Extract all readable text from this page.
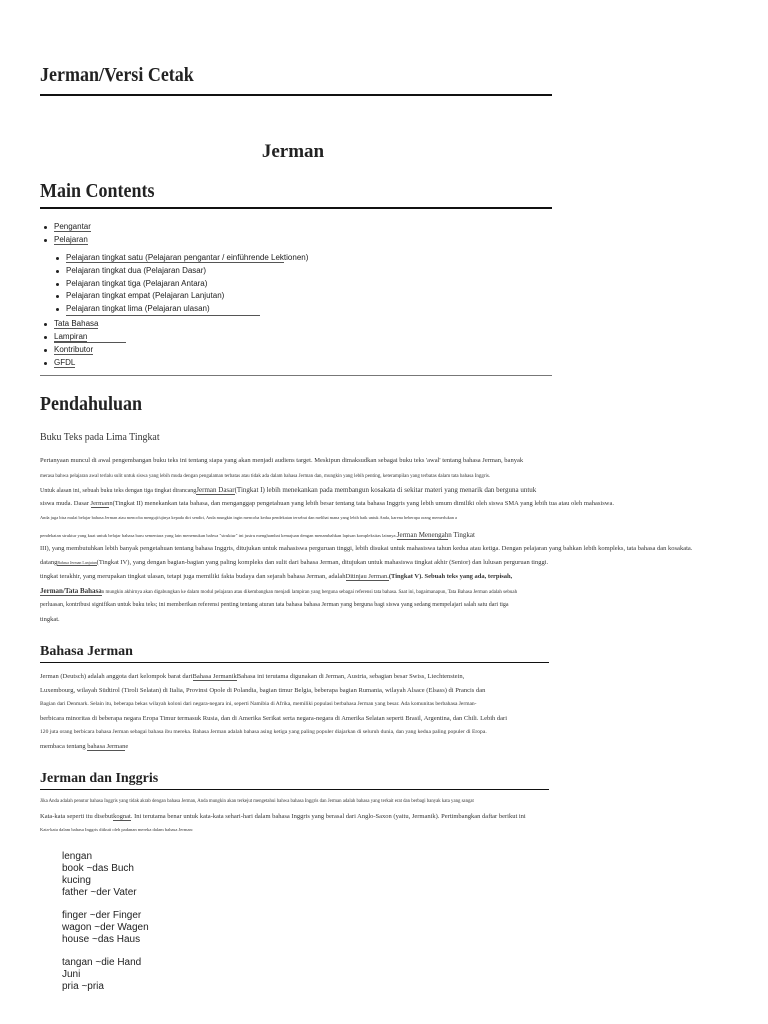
Jerman/Versi Cetak
Jerman
Main Contents
Pengantar
Pelajaran
Pelajaran tingkat satu (Pelajaran pengantar / einführende Lektionen)
Pelajaran tingkat dua (Pelajaran Dasar)
Pelajaran tingkat tiga (Pelajaran Antara)
Pelajaran tingkat empat (Pelajaran Lanjutan)
Pelajaran tingkat lima (Pelajaran ulasan)
Tata Bahasa
Lampiran
Kontributor
GFDL
Pendahuluan
Buku Teks pada Lima Tingkat

Pertanyaan muncul di awal pengembangan buku teks ini tentang siapa yang akan menjadi audiens target. Meskipun dimaksudkan sebagai buku teks 'awal' tentang bahasa Jerman, banyak

merasa bahwa pelajaran awal terlalu sulit untuk siswa yang lebih muda dengan pengalaman terbatas atau tidak ada dalam bahasa Jerman dan, mungkin yang lebih penting, keterampilan yang terbatas dalam tata bahasa Inggris.

Untuk alasan ini, sebuah buku teks dengan tiga tingkat dirancangJerman Dasar(Tingkat I) lebih menekankan pada membangun kosakata di sekitar materi yang menarik dan berguna untuk

siswa muda. Dasar Jermann(Tingkat II) menekankan tata bahasa, dan menganggap pengetahuan yang lebih besar tentang tata bahasa Inggris yang lebih umum dimiliki oleh siswa SMA yang lebih tua atau oleh mahasiswa.

Anda juga bisa mulai belajar bahasa Jerman atau mencoba menguji/ujinya kepada diri sendiri, Anda mungkin ingin mencoba kedua pendekatan tersebut dan melihat mana yang lebih baik untuk Anda, karena beberapa orang memerlukan a

pendekatan struktur yang kuat untuk belajar bahasa baru sementara yang lain menemukan bahwa "struktur" ini justru menghambat kemajuan dengan menambahkan lapisan kompleksitas lainnya.Jerman Menengahn Tingkat

III), yang membutuhkan lebih banyak pengetahuan tentang bahasa Inggris, ditujukan untuk mahasiswa perguruan tinggi, lebih disukai untuk mahasiswa tahun kedua atau ketiga. Dengan pelajaran yang bahkan lebih kompleks, tata bahasa dan kosakata.

datangBahasa Jerman Lanjutan(Tingkat IV), yang dengan bagian-bagian yang paling kompleks dan sulit dari bahasa Jerman, ditujukan untuk mahasiswa tingkat akhir (Senior) dan lulusan perguruan tinggi.

tingkat terakhir, yang merupakan tingkat ulasan, tetapi juga memiliki fakta budaya dan sejarah bahasa Jerman, adalahDitinjau Jerman.(Tingkat V). Sebuah teks yang ada, terpisah,

Jerman/Tata Bahasan mungkin akhirnya akan digabungkan ke dalam modul pelajaran atau dikembangkan menjadi lampiran yang berguna sebagai referensi tata bahasa. Saat ini, bagaimanapun, Tata Bahasa Jerman adalah sebuah

perluasan, kontribusi signifikan untuk buku teks; ini memberikan referensi penting tentang aturan tata bahasa bahasa Jerman yang berguna bagi siswa yang sedang mempelajari salah satu dari tiga

tingkat.

Bahasa Jerman

Jerman (Deutsch) adalah anggota dari kelompok barat dariBahasa JermanikBahasa ini terutama digunakan di Jerman, Austria, sebagian besar Swiss, Liechtenstein,

Luxembourg, wilayah Südtirol (Tiroli Selatan) di Italia, Provinsi Opole di Polandia, bagian timur Belgia, beberapa bagian Rumania, wilayah Alsace (Elsass) di Prancis dan

Bagian dari Denmark. Selain itu, beberapa bekas wilayah koloni dari negara-negara ini, seperti Namibia di Afrika, memiliki populasi berbahasa Jerman yang besar. Ada komunitas berbahasa Jerman-

berbicara minoritas di beberapa negara Eropa Timur termasuk Rusia, dan di Amerika Serikat serta negara-negara di Amerika Selatan seperti Brasil, Argentina, dan Chili. Lebih dari

120 juta orang berbicara bahasa Jerman sebagai bahasa ibu mereka. Bahasa Jerman adalah bahasa asing ketiga yang paling populer diajarkan di seluruh dunia, dan yang kedua paling populer di Eropa.

membaca tentang bahasa Jermane

Jerman dan Inggris

Jika Anda adalah penutur bahasa Inggris yang tidak akrab dengan bahasa Jerman, Anda mungkin akan terkejut mengetahui bahwa bahasa Inggris dan Jerman adalah bahasa yang terkait erat dan berbagi banyak kata yang sangat

Kata-kata seperti itu disebutkognat. Ini terutama benar untuk kata-kata sehari-hari dalam bahasa Inggris yang berasal dari Anglo-Saxon (yaitu, Jermanik). Pertimbangkan daftar berikut ini

Kata-kata dalam bahasa Inggris diikuti oleh padanan mereka dalam bahasa Jerman:

lengan
book ~das Buch
kucing
father ~der Vater
finger ~der Finger
wagon ~der Wagen
house ~das Haus
tangan ~die Hand
Juni
pria ~pria
